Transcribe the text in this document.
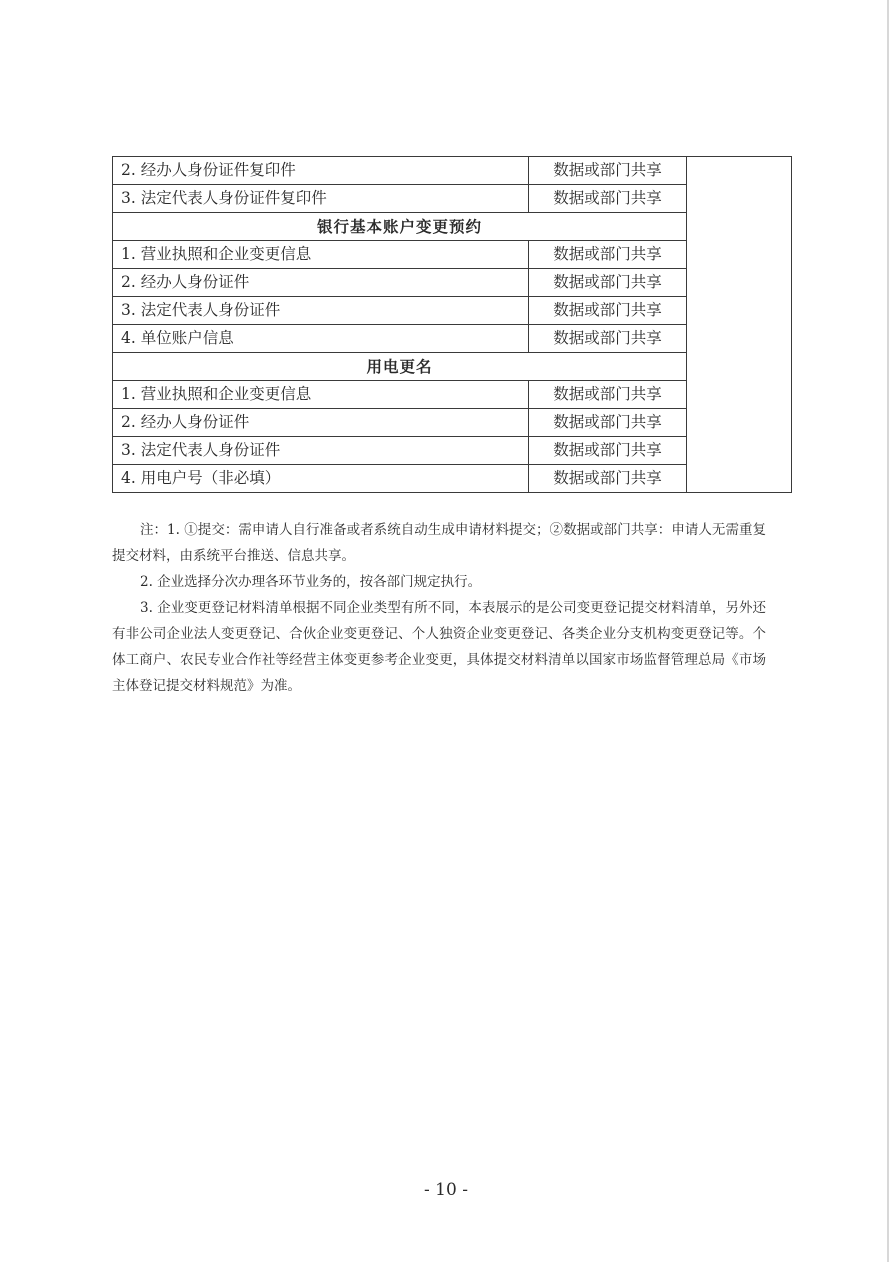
2. 经办人身份证件复印件	数据或部门共享	
3. 法定代表人身份证件复印件	数据或部门共享	
银行基本账户变更预约		
1. 营业执照和企业变更信息	数据或部门共享	
2. 经办人身份证件	数据或部门共享	
3. 法定代表人身份证件	数据或部门共享	
4. 单位账户信息	数据或部门共享	
用电更名		
1. 营业执照和企业变更信息	数据或部门共享	
2. 经办人身份证件	数据或部门共享	
3. 法定代表人身份证件	数据或部门共享	
4. 用电户号（非必填）	数据或部门共享	

注：1. ①提交：需申请人自行准备或者系统自动生成申请材料提交；②数据或部门共享：申请人无需重复提交材料，由系统平台推送、信息共享。

2. 企业选择分次办理各环节业务的，按各部门规定执行。

3. 企业变更登记材料清单根据不同企业类型有所不同，本表展示的是公司变更登记提交材料清单，另外还有非公司企业法人变更登记、合伙企业变更登记、个人独资企业变更登记、各类企业分支机构变更登记等。个体工商户、农民专业合作社等经营主体变更参考企业变更，具体提交材料清单以国家市场监督管理总局《市场主体登记提交材料规范》为准。

- 10 -
